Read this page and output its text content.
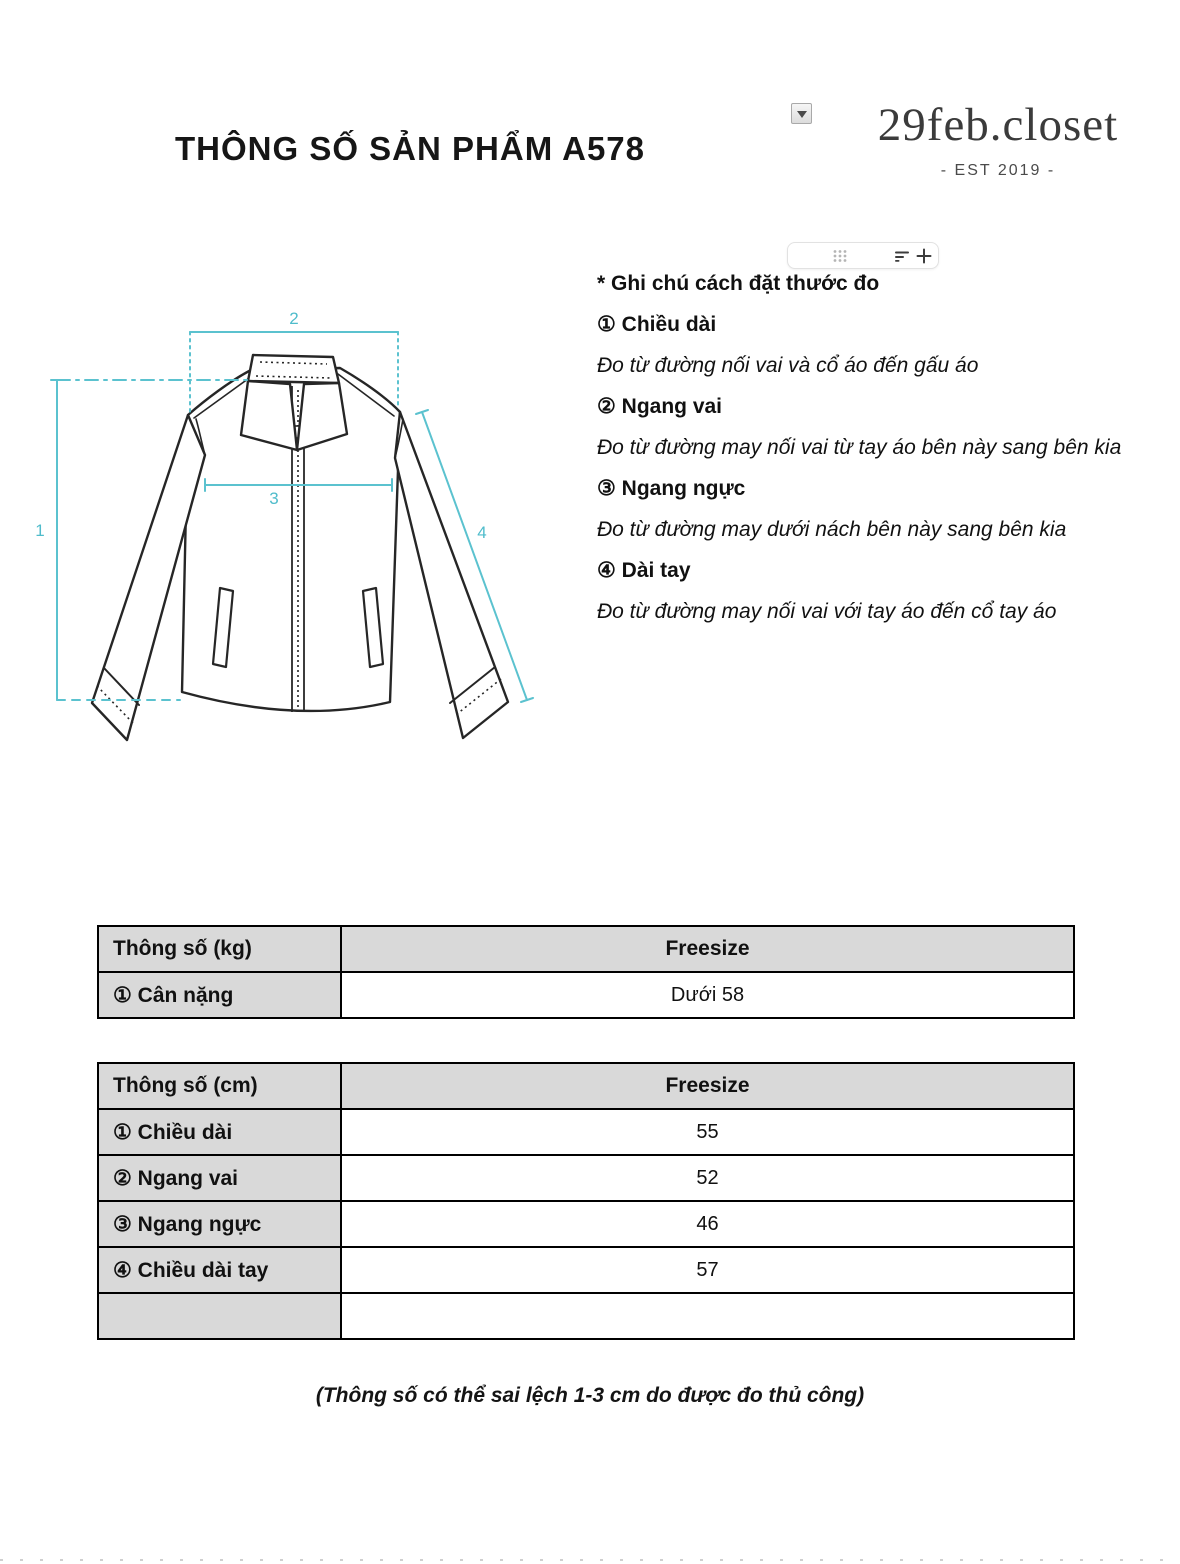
THÔNG SỐ SẢN PHẨM A578	29feb.closet
- EST 2019 -

* Ghi chú cách đặt thước đo

① Chiều dài

Đo từ đường nối vai và cổ áo đến gấu áo

② Ngang vai

Đo từ đường may nối vai từ tay áo bên này sang bên kia

③ Ngang ngực

Đo từ đường may dưới nách bên này sang bên kia

④ Dài tay

Đo từ đường may nối vai với tay áo đến cổ tay áo

2
1
3
4
Thông số (kg)	Freesize
① Cân nặng	Dưới 58
Thông số (cm)	Freesize
① Chiều dài	55
② Ngang vai	52
③ Ngang ngực	46
④ Chiều dài tay	57

(Thông số có thể sai lệch 1-3 cm do được đo thủ công)
